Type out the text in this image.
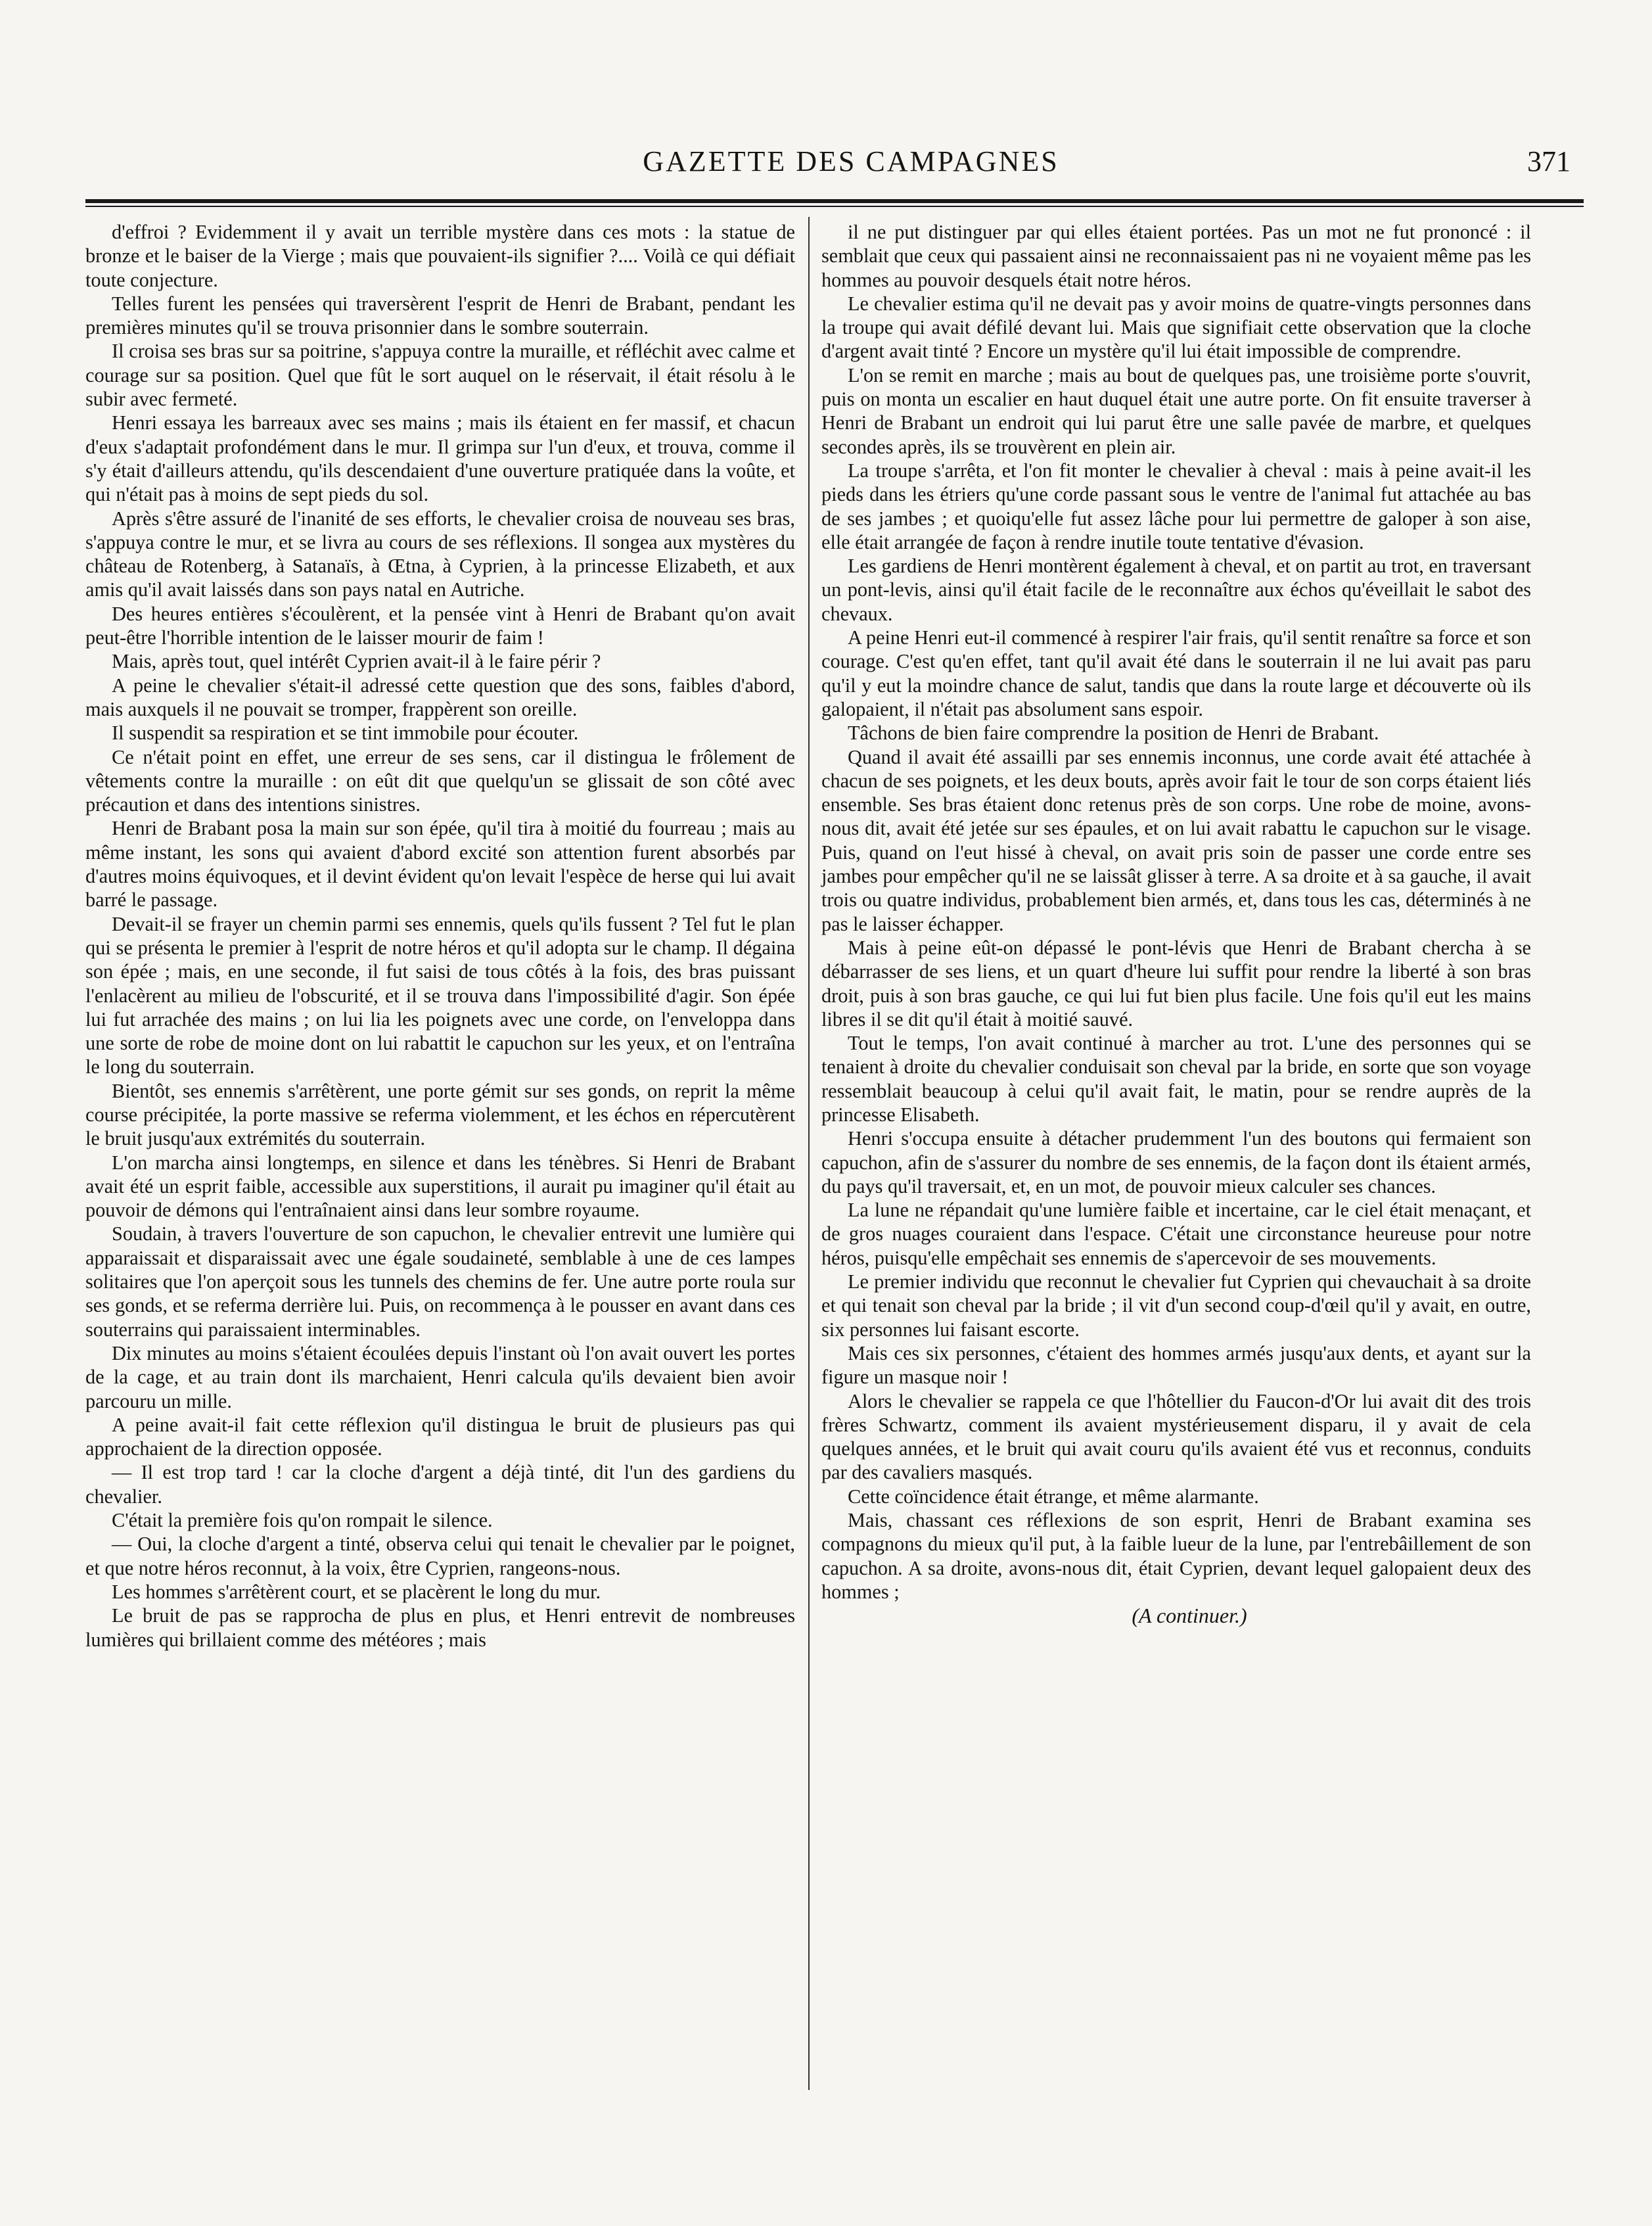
GAZETTE DES CAMPAGNES	371

d'effroi ? Evidemment il y avait un terrible mystère dans ces mots : la statue de bronze et le baiser de la Vierge ; mais que pouvaient-ils signifier ?.... Voilà ce qui défiait toute conjecture.

Telles furent les pensées qui traversèrent l'esprit de Henri de Brabant, pendant les premières minutes qu'il se trouva prisonnier dans le sombre souterrain.

Il croisa ses bras sur sa poitrine, s'appuya contre la muraille, et réfléchit avec calme et courage sur sa position. Quel que fût le sort auquel on le réservait, il était résolu à le subir avec fermeté.

Henri essaya les barreaux avec ses mains ; mais ils étaient en fer massif, et chacun d'eux s'adaptait profondément dans le mur. Il grimpa sur l'un d'eux, et trouva, comme il s'y était d'ailleurs attendu, qu'ils descendaient d'une ouverture pratiquée dans la voûte, et qui n'était pas à moins de sept pieds du sol.

Après s'être assuré de l'inanité de ses efforts, le chevalier croisa de nouveau ses bras, s'appuya contre le mur, et se livra au cours de ses réflexions. Il songea aux mystères du château de Rotenberg, à Satanaïs, à Œtna, à Cyprien, à la princesse Elizabeth, et aux amis qu'il avait laissés dans son pays natal en Autriche.

Des heures entières s'écoulèrent, et la pensée vint à Henri de Brabant qu'on avait peut-être l'horrible intention de le laisser mourir de faim !

Mais, après tout, quel intérêt Cyprien avait-il à le faire périr ?

A peine le chevalier s'était-il adressé cette question que des sons, faibles d'abord, mais auxquels il ne pouvait se tromper, frappèrent son oreille.

Il suspendit sa respiration et se tint immobile pour écouter.

Ce n'était point en effet, une erreur de ses sens, car il distingua le frôlement de vêtements contre la muraille : on eût dit que quelqu'un se glissait de son côté avec précaution et dans des intentions sinistres.

Henri de Brabant posa la main sur son épée, qu'il tira à moitié du fourreau ; mais au même instant, les sons qui avaient d'abord excité son attention furent absorbés par d'autres moins équivoques, et il devint évident qu'on levait l'espèce de herse qui lui avait barré le passage.

Devait-il se frayer un chemin parmi ses ennemis, quels qu'ils fussent ? Tel fut le plan qui se présenta le premier à l'esprit de notre héros et qu'il adopta sur le champ. Il dégaina son épée ; mais, en une seconde, il fut saisi de tous côtés à la fois, des bras puissant l'enlacèrent au milieu de l'obscurité, et il se trouva dans l'impossibilité d'agir. Son épée lui fut arrachée des mains ; on lui lia les poignets avec une corde, on l'enveloppa dans une sorte de robe de moine dont on lui rabattit le capuchon sur les yeux, et on l'entraîna le long du souterrain.

Bientôt, ses ennemis s'arrêtèrent, une porte gémit sur ses gonds, on reprit la même course précipitée, la porte massive se referma violemment, et les échos en répercutèrent le bruit jusqu'aux extrémités du souterrain.

L'on marcha ainsi longtemps, en silence et dans les ténèbres. Si Henri de Brabant avait été un esprit faible, accessible aux superstitions, il aurait pu imaginer qu'il était au pouvoir de démons qui l'entraînaient ainsi dans leur sombre royaume.

Soudain, à travers l'ouverture de son capuchon, le chevalier entrevit une lumière qui apparaissait et disparaissait avec une égale soudaineté, semblable à une de ces lampes solitaires que l'on aperçoit sous les tunnels des chemins de fer. Une autre porte roula sur ses gonds, et se referma derrière lui. Puis, on recommença à le pousser en avant dans ces souterrains qui paraissaient interminables.

Dix minutes au moins s'étaient écoulées depuis l'instant où l'on avait ouvert les portes de la cage, et au train dont ils marchaient, Henri calcula qu'ils devaient bien avoir parcouru un mille.

A peine avait-il fait cette réflexion qu'il distingua le bruit de plusieurs pas qui approchaient de la direction opposée.

— Il est trop tard ! car la cloche d'argent a déjà tinté, dit l'un des gardiens du chevalier.

C'était la première fois qu'on rompait le silence.

— Oui, la cloche d'argent a tinté, observa celui qui tenait le chevalier par le poignet, et que notre héros reconnut, à la voix, être Cyprien, rangeons-nous.

Les hommes s'arrêtèrent court, et se placèrent le long du mur.

Le bruit de pas se rapprocha de plus en plus, et Henri entrevit de nombreuses lumières qui brillaient comme des météores ; mais

il ne put distinguer par qui elles étaient portées. Pas un mot ne fut prononcé : il semblait que ceux qui passaient ainsi ne reconnaissaient pas ni ne voyaient même pas les hommes au pouvoir desquels était notre héros.

Le chevalier estima qu'il ne devait pas y avoir moins de quatre-vingts personnes dans la troupe qui avait défilé devant lui. Mais que signifiait cette observation que la cloche d'argent avait tinté ? Encore un mystère qu'il lui était impossible de comprendre.

L'on se remit en marche ; mais au bout de quelques pas, une troisième porte s'ouvrit, puis on monta un escalier en haut duquel était une autre porte. On fit ensuite traverser à Henri de Brabant un endroit qui lui parut être une salle pavée de marbre, et quelques secondes après, ils se trouvèrent en plein air.

La troupe s'arrêta, et l'on fit monter le chevalier à cheval : mais à peine avait-il les pieds dans les étriers qu'une corde passant sous le ventre de l'animal fut attachée au bas de ses jambes ; et quoiqu'elle fut assez lâche pour lui permettre de galoper à son aise, elle était arrangée de façon à rendre inutile toute tentative d'évasion.

Les gardiens de Henri montèrent également à cheval, et on partit au trot, en traversant un pont-levis, ainsi qu'il était facile de le reconnaître aux échos qu'éveillait le sabot des chevaux.

A peine Henri eut-il commencé à respirer l'air frais, qu'il sentit renaître sa force et son courage. C'est qu'en effet, tant qu'il avait été dans le souterrain il ne lui avait pas paru qu'il y eut la moindre chance de salut, tandis que dans la route large et découverte où ils galopaient, il n'était pas absolument sans espoir.

Tâchons de bien faire comprendre la position de Henri de Brabant.

Quand il avait été assailli par ses ennemis inconnus, une corde avait été attachée à chacun de ses poignets, et les deux bouts, après avoir fait le tour de son corps étaient liés ensemble. Ses bras étaient donc retenus près de son corps. Une robe de moine, avons-nous dit, avait été jetée sur ses épaules, et on lui avait rabattu le capuchon sur le visage. Puis, quand on l'eut hissé à cheval, on avait pris soin de passer une corde entre ses jambes pour empêcher qu'il ne se laissât glisser à terre. A sa droite et à sa gauche, il avait trois ou quatre individus, probablement bien armés, et, dans tous les cas, déterminés à ne pas le laisser échapper.

Mais à peine eût-on dépassé le pont-lévis que Henri de Brabant chercha à se débarrasser de ses liens, et un quart d'heure lui suffit pour rendre la liberté à son bras droit, puis à son bras gauche, ce qui lui fut bien plus facile. Une fois qu'il eut les mains libres il se dit qu'il était à moitié sauvé.

Tout le temps, l'on avait continué à marcher au trot. L'une des personnes qui se tenaient à droite du chevalier conduisait son cheval par la bride, en sorte que son voyage ressemblait beaucoup à celui qu'il avait fait, le matin, pour se rendre auprès de la princesse Elisabeth.

Henri s'occupa ensuite à détacher prudemment l'un des boutons qui fermaient son capuchon, afin de s'assurer du nombre de ses ennemis, de la façon dont ils étaient armés, du pays qu'il traversait, et, en un mot, de pouvoir mieux calculer ses chances.

La lune ne répandait qu'une lumière faible et incertaine, car le ciel était menaçant, et de gros nuages couraient dans l'espace. C'était une circonstance heureuse pour notre héros, puisqu'elle empêchait ses ennemis de s'apercevoir de ses mouvements.

Le premier individu que reconnut le chevalier fut Cyprien qui chevauchait à sa droite et qui tenait son cheval par la bride ; il vit d'un second coup-d'œil qu'il y avait, en outre, six personnes lui faisant escorte.

Mais ces six personnes, c'étaient des hommes armés jusqu'aux dents, et ayant sur la figure un masque noir !

Alors le chevalier se rappela ce que l'hôtellier du Faucon-d'Or lui avait dit des trois frères Schwartz, comment ils avaient mystérieusement disparu, il y avait de cela quelques années, et le bruit qui avait couru qu'ils avaient été vus et reconnus, conduits par des cavaliers masqués.

Cette coïncidence était étrange, et même alarmante.

Mais, chassant ces réflexions de son esprit, Henri de Brabant examina ses compagnons du mieux qu'il put, à la faible lueur de la lune, par l'entrebâillement de son capuchon. A sa droite, avons-nous dit, était Cyprien, devant lequel galopaient deux des hommes ;

(A continuer.)
